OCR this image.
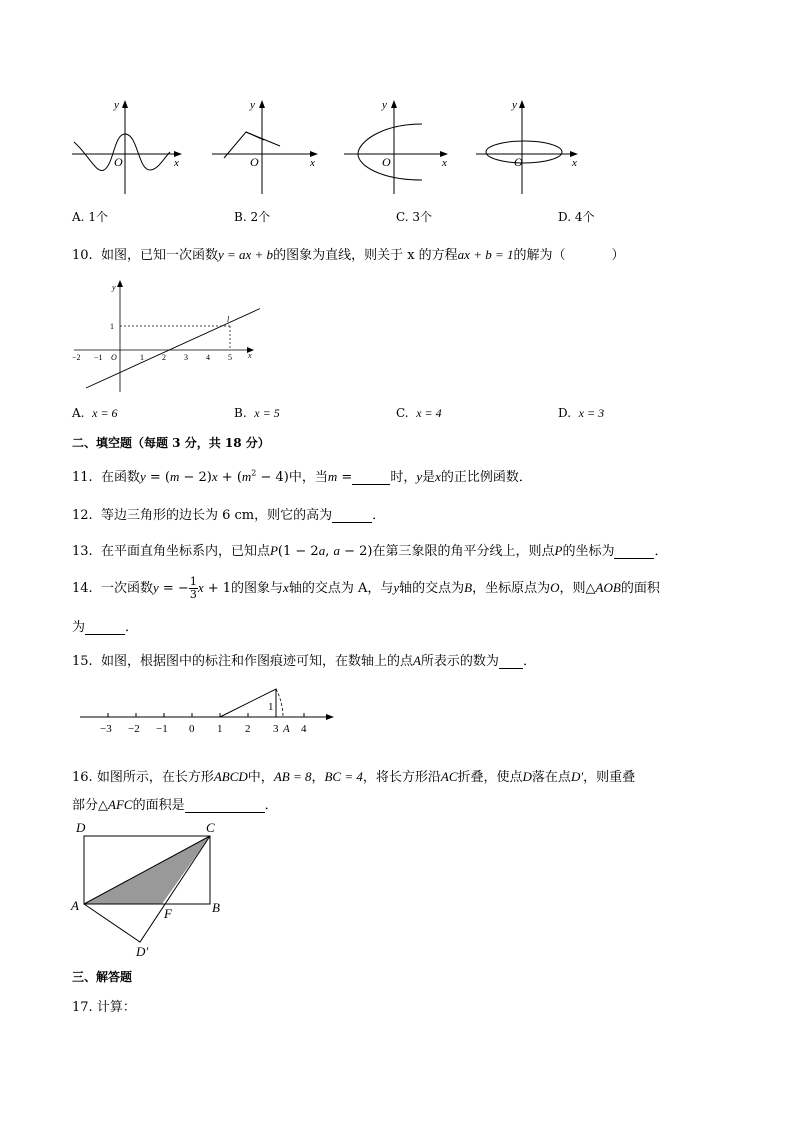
y
x
O
y
x
O
y
x
O
y
x
O
A. 1个	B. 2个	C. 3个	D. 4个
10. 如图，已知一次函数y = ax + b的图象为直线，则关于 x 的方程ax + b = 1的解为（	）
y
x
1
l
−2 −1 O	1 2 3 4 5
A. x = 6	B. x = 5	C. x = 4	D. x = 3
二、填空题（每题 3 分，共 18 分）
11. 在函数$y = (m - 2)x + (m^2 - 4)$中，当m =	时，y是x的正比例函数．
12. 等边三角形的边长为 6 cm，则它的高为	．
13. 在平面直角坐标系内，已知点P(1 − 2a, a − 2)在第三象限的角平分线上，则点P的坐标为	．
14. 一次函数y = − $\frac{1}{3}$ x + 1的图象与x轴的交点为 A，与y轴的交点为B，坐标原点为O，则△AOB的面积
为	．
15. 如图，根据图中的标注和作图痕迹可知，在数轴上的点A所表示的数为 ．
−3 −2 −1 0 1 2 3 A 4
1
16. 如图所示，在长方形ABCD中，AB = 8，BC = 4，将长方形沿AC折叠，使点D落在点D′，则重叠
部分△AFC的面积是	．
D	C
A	B
F
D′
三、解答题
17. 计算：
